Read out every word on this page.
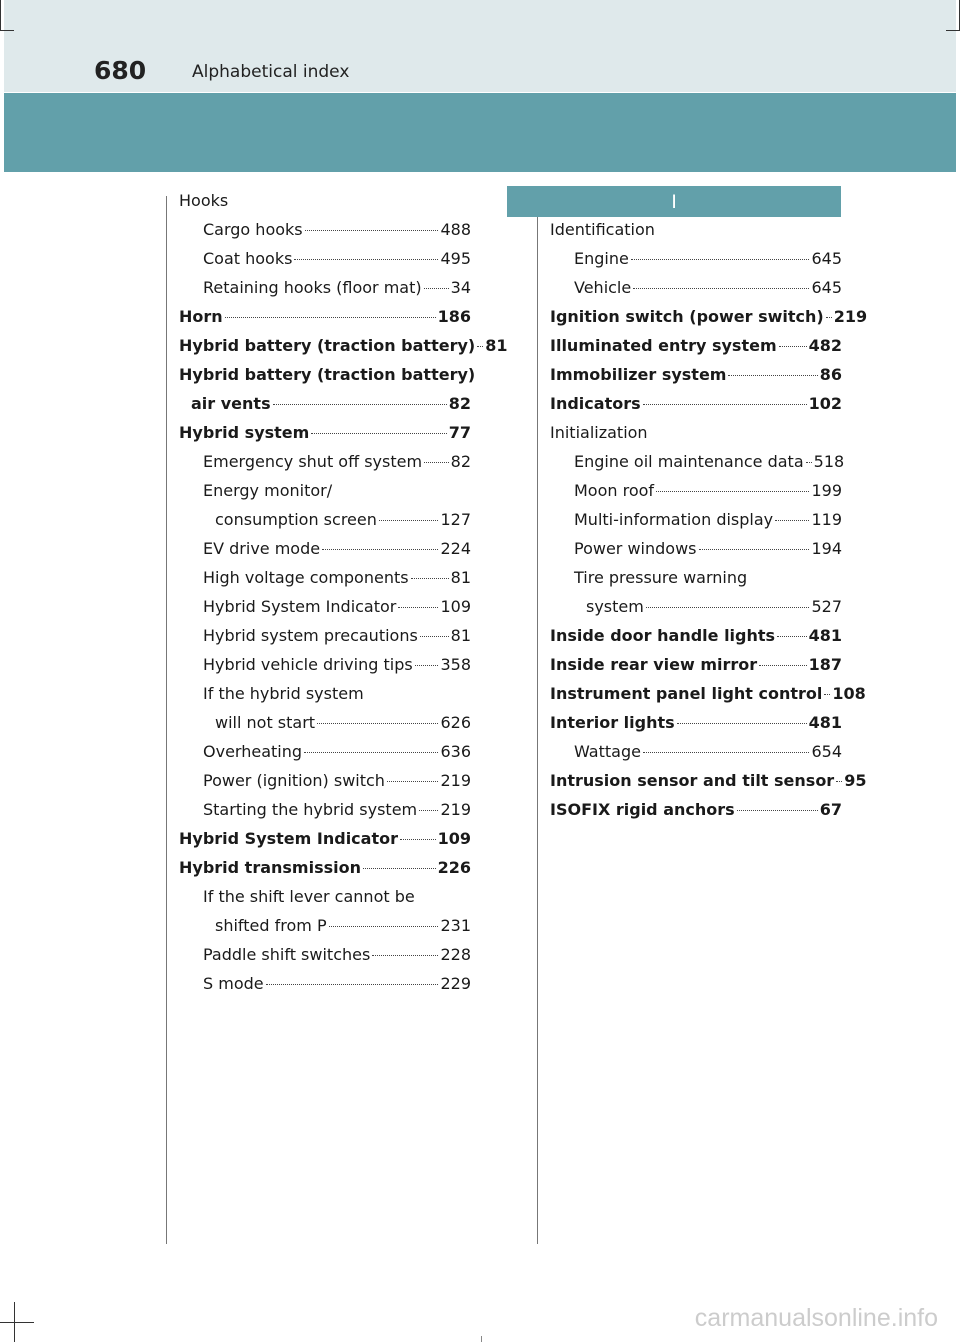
680	Alphabetical index
I
Hooks
Cargo hooks	488
Coat hooks	495
Retaining hooks (floor mat) 34
Horn	186
Hybrid battery (traction battery) 81
Hybrid battery (traction battery)
air vents	82
Hybrid system	77
Emergency shut off system 82
Energy monitor/
consumption screen	127
EV drive mode	224
High voltage components	81
Hybrid System Indicator	109
Hybrid system precautions 81
Hybrid vehicle driving tips 358
If the hybrid system
will not start	626
Overheating	636
Power (ignition) switch	219
Starting the hybrid system 219
Hybrid System Indicator 109
Hybrid transmission	226
If the shift lever cannot be
shifted from P	231
Paddle shift switches	228
S mode	229
Identification
Engine	645
Vehicle	645
Ignition switch (power switch) 219
Illuminated entry system 482
Immobilizer system	86
Indicators	102
Initialization
Engine oil maintenance data 518
Moon roof	199
Multi-information display 119
Power windows	194
Tire pressure warning
system	527
Inside door handle lights 481
Inside rear view mirror	187
Instrument panel light control 108
Interior lights	481
Wattage	654
Intrusion sensor and tilt sensor 95
ISOFIX rigid anchors	67
carmanualsonline.info
